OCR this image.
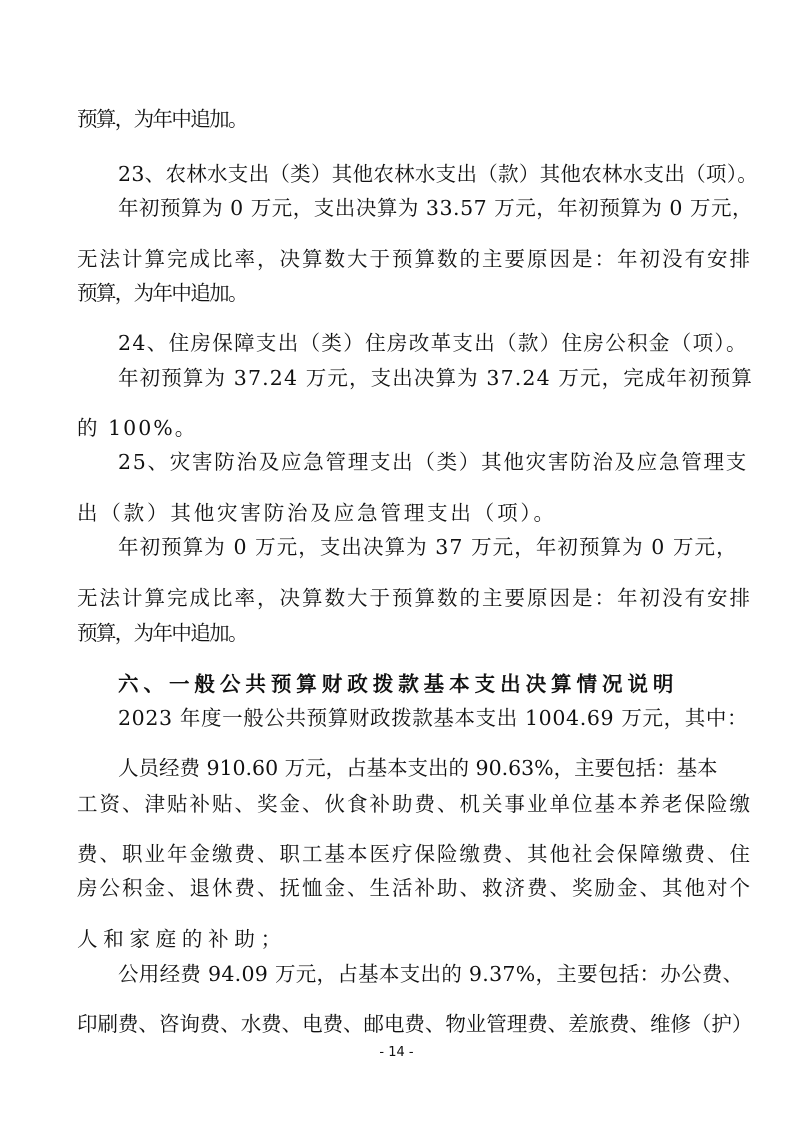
预算，为年中追加。
23、农林水支出（类）其他农林水支出（款）其他农林水支出（项）。
年初预算为 0 万元，支出决算为 33.57 万元，年初预算为 0 万元，
无法计算完成比率，决算数大于预算数的主要原因是：年初没有安排
预算，为年中追加。
24、住房保障支出（类）住房改革支出（款）住房公积金（项）。
年初预算为 37.24 万元，支出决算为 37.24 万元，完成年初预算
的 100%。
25、灾害防治及应急管理支出（类）其他灾害防治及应急管理支
出（款）其他灾害防治及应急管理支出（项）。
年初预算为 0 万元，支出决算为 37 万元，年初预算为 0 万元，
无法计算完成比率，决算数大于预算数的主要原因是：年初没有安排
预算，为年中追加。
六、一般公共预算财政拨款基本支出决算情况说明
2023 年度一般公共预算财政拨款基本支出 1004.69 万元，其中：
人员经费 910.60 万元，占基本支出的 90.63%，主要包括：基本
工资、津贴补贴、奖金、伙食补助费、机关事业单位基本养老保险缴
费、职业年金缴费、职工基本医疗保险缴费、其他社会保障缴费、住
房公积金、退休费、抚恤金、生活补助、救济费、奖励金、其他对个
人和家庭的补助；
公用经费 94.09 万元，占基本支出的 9.37%，主要包括：办公费、
印刷费、咨询费、水费、电费、邮电费、物业管理费、差旅费、维修（护）
- 14 -
